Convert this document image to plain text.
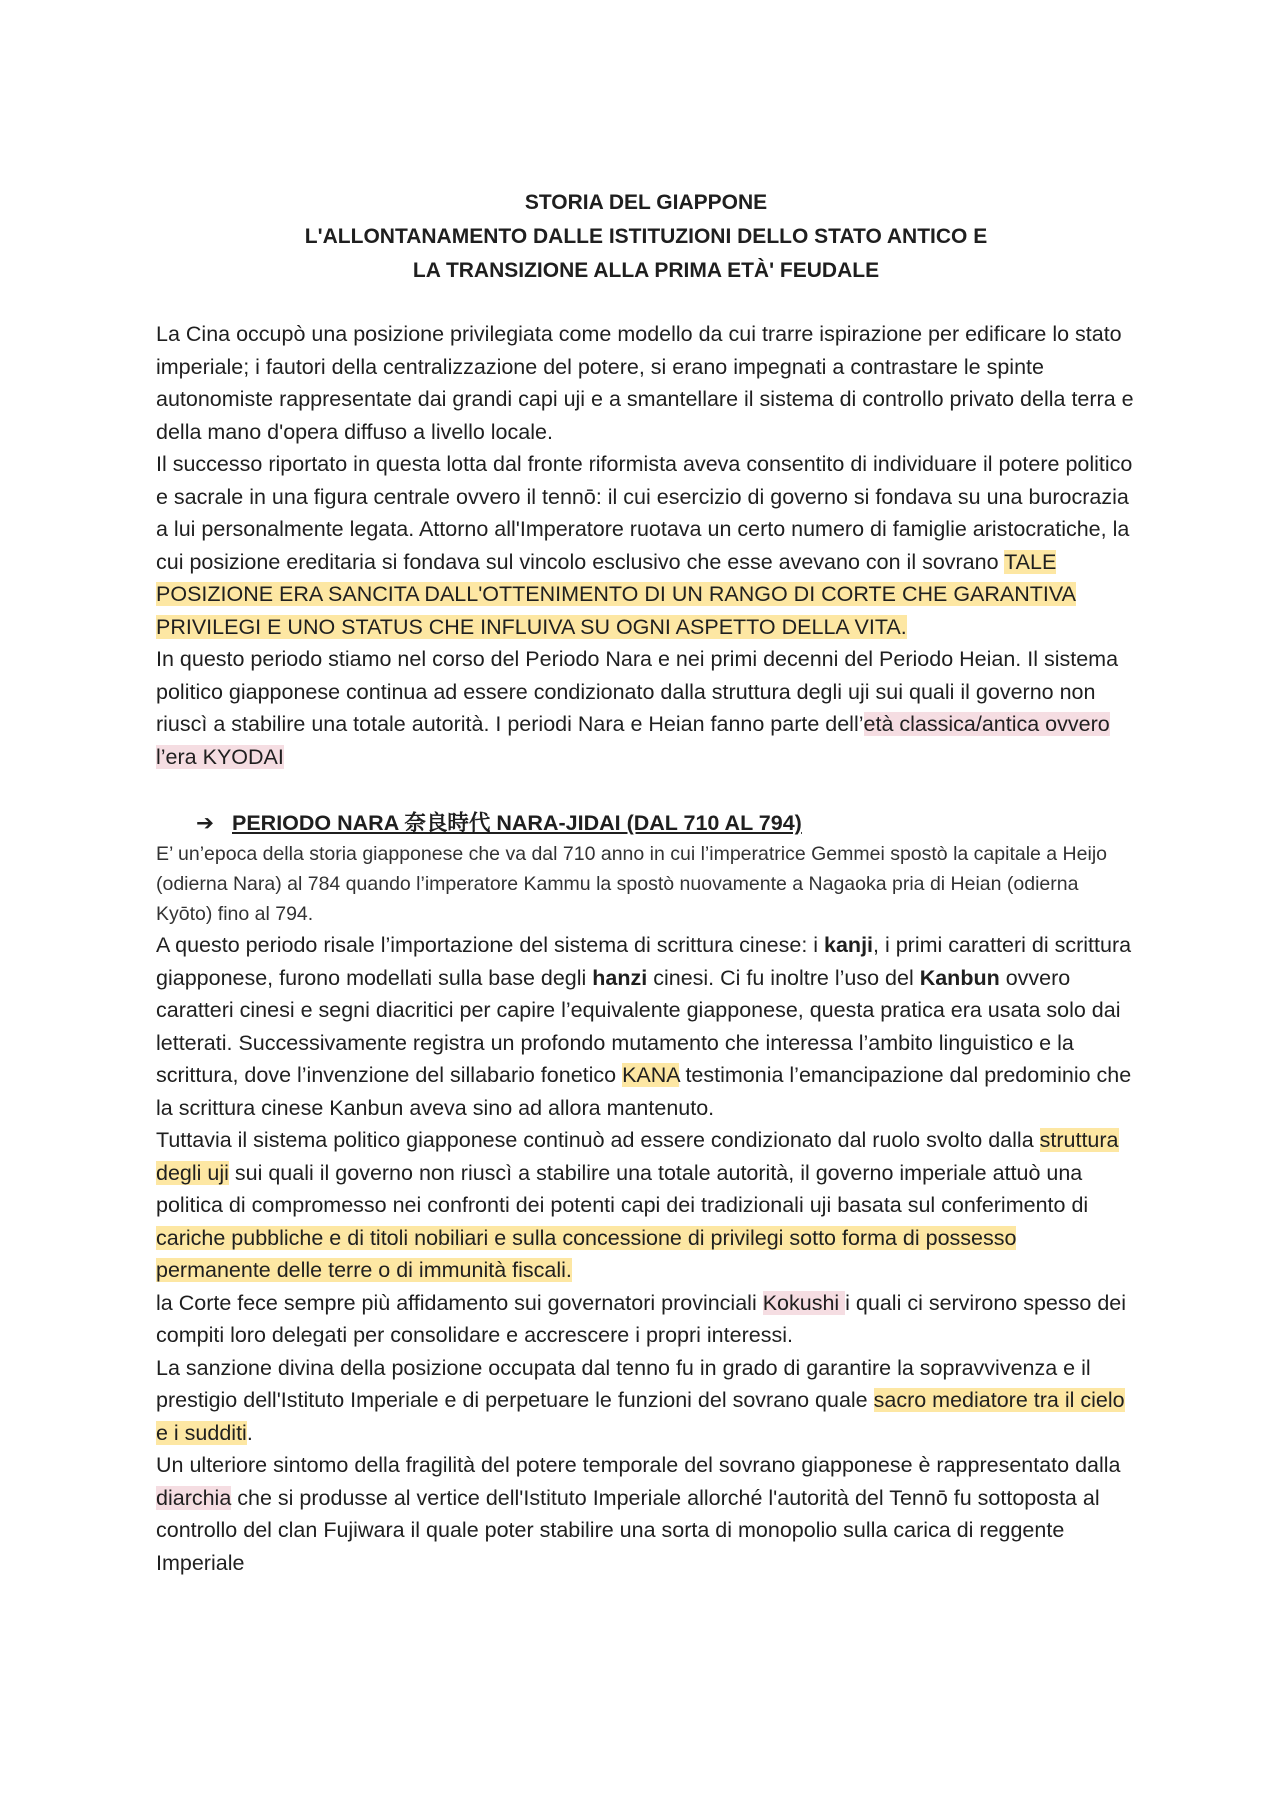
STORIA DEL GIAPPONE
L'ALLONTANAMENTO DALLE ISTITUZIONI DELLO STATO ANTICO E
LA TRANSIZIONE ALLA PRIMA ETÀ' FEUDALE

La Cina occupò una posizione privilegiata come modello da cui trarre ispirazione per edificare lo stato imperiale; i fautori della centralizzazione del potere, si erano impegnati a contrastare le spinte autonomiste rappresentate dai grandi capi uji e a smantellare il sistema di controllo privato della terra e della mano d'opera diffuso a livello locale.
Il successo riportato in questa lotta dal fronte riformista aveva consentito di individuare il potere politico e sacrale in una figura centrale ovvero il tennō: il cui esercizio di governo si fondava su una burocrazia a lui personalmente legata. Attorno all'Imperatore ruotava un certo numero di famiglie aristocratiche, la cui posizione ereditaria si fondava sul vincolo esclusivo che esse avevano con il sovrano TALE POSIZIONE ERA SANCITA DALL'OTTENIMENTO DI UN RANGO DI CORTE CHE GARANTIVA PRIVILEGI E UNO STATUS CHE INFLUIVA SU OGNI ASPETTO DELLA VITA.
In questo periodo stiamo nel corso del Periodo Nara e nei primi decenni del Periodo Heian. Il sistema politico giapponese continua ad essere condizionato dalla struttura degli uji sui quali il governo non riuscì a stabilire una totale autorità. I periodi Nara e Heian fanno parte dell’età classica/antica ovvero l’era KYODAI

➔ PERIODO NARA 奈良時代 NARA-JIDAI (DAL 710 AL 794)

E’ un’epoca della storia giapponese che va dal 710 anno in cui l’imperatrice Gemmei spostò la capitale a Heijo (odierna Nara) al 784 quando l’imperatore Kammu la spostò nuovamente a Nagaoka pria di Heian (odierna Kyōto) fino al 794.

A questo periodo risale l’importazione del sistema di scrittura cinese: i kanji, i primi caratteri di scrittura giapponese, furono modellati sulla base degli hanzi cinesi. Ci fu inoltre l’uso del Kanbun ovvero caratteri cinesi e segni diacritici per capire l’equivalente giapponese, questa pratica era usata solo dai letterati. Successivamente registra un profondo mutamento che interessa l’ambito linguistico e la scrittura, dove l’invenzione del sillabario fonetico KANA testimonia l’emancipazione dal predominio che la scrittura cinese Kanbun aveva sino ad allora mantenuto.

Tuttavia il sistema politico giapponese continuò ad essere condizionato dal ruolo svolto dalla struttura degli uji sui quali il governo non riuscì a stabilire una totale autorità, il governo imperiale attuò una politica di compromesso nei confronti dei potenti capi dei tradizionali uji basata sul conferimento di cariche pubbliche e di titoli nobiliari e sulla concessione di privilegi sotto forma di possesso permanente delle terre o di immunità fiscali.

la Corte fece sempre più affidamento sui governatori provinciali Kokushi i quali ci servirono spesso dei compiti loro delegati per consolidare e accrescere i propri interessi.

La sanzione divina della posizione occupata dal tenno fu in grado di garantire la sopravvivenza e il prestigio dell'Istituto Imperiale e di perpetuare le funzioni del sovrano quale sacro mediatore tra il cielo e i sudditi.

Un ulteriore sintomo della fragilità del potere temporale del sovrano giapponese è rappresentato dalla diarchia che si produsse al vertice dell'Istituto Imperiale allorché l'autorità del Tennō fu sottoposta al controllo del clan Fujiwara il quale poter stabilire una sorta di monopolio sulla carica di reggente Imperiale
